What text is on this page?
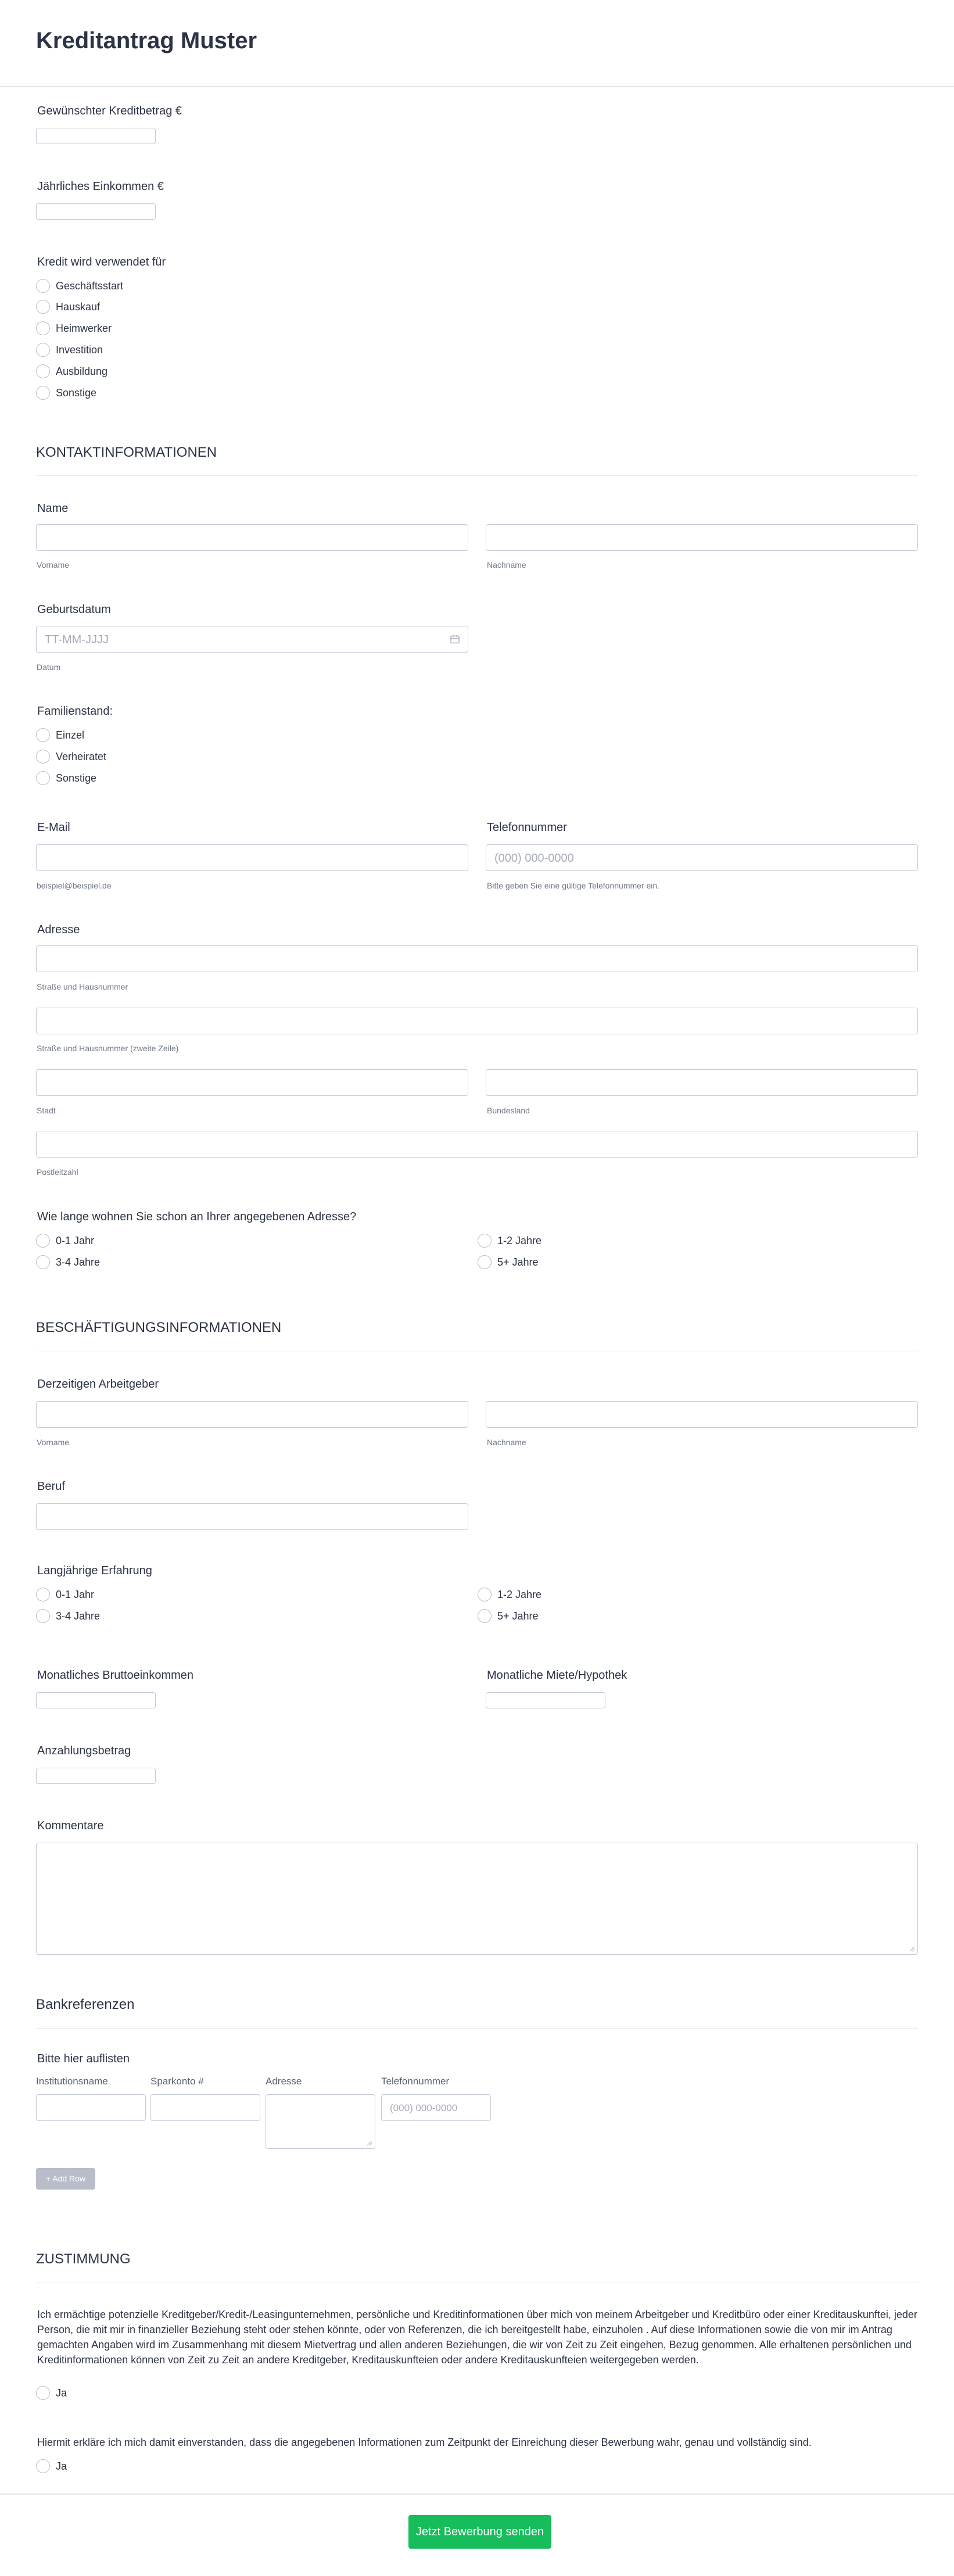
Kreditantrag Muster
Gewünschter Kreditbetrag €
Jährliches Einkommen €
Kredit wird verwendet für
Geschäftsstart
Hauskauf
Heimwerker
Investition
Ausbildung
Sonstige
KONTAKTINFORMATIONEN
Name
Vorname	Nachname
Geburtsdatum
TT-MM-JJJJ
Datum
Familienstand:
Einzel
Verheiratet
Sonstige
E-Mail
beispiel@beispiel.de
Telefonnummer
(000) 000-0000
Bitte geben Sie eine gültige Telefonnummer ein.
Adresse
Straße und Hausnummer
Straße und Hausnummer (zweite Zeile)
Stadt	Bundesland
Postleitzahl
Wie lange wohnen Sie schon an Ihrer angegebenen Adresse?
0-1 Jahr	1-2 Jahre
3-4 Jahre	5+ Jahre
BESCHÄFTIGUNGSINFORMATIONEN
Derzeitigen Arbeitgeber
Vorname	Nachname
Beruf
Langjährige Erfahrung
0-1 Jahr	1-2 Jahre
3-4 Jahre	5+ Jahre
Monatliches Bruttoeinkommen	Monatliche Miete/Hypothek
Anzahlungsbetrag
Kommentare
Bankreferenzen
Bitte hier auflisten
Institutionsname	Sparkonto #	Adresse	Telefonnummer
(000) 000-0000
+ Add Row
ZUSTIMMUNG
Ich ermächtige potenzielle Kreditgeber/Kredit-/Leasingunternehmen, persönliche und Kreditinformationen über mich von meinem Arbeitgeber und Kreditbüro oder einer Kreditauskunftei, jeder Person, die mit mir in finanzieller Beziehung steht oder stehen könnte, oder von Referenzen, die ich bereitgestellt habe, einzuholen . Auf diese Informationen sowie die von mir im Antrag gemachten Angaben wird im Zusammenhang mit diesem Mietvertrag und allen anderen Beziehungen, die wir von Zeit zu Zeit eingehen, Bezug genommen. Alle erhaltenen persönlichen und Kreditinformationen können von Zeit zu Zeit an andere Kreditgeber, Kreditauskunfteien oder andere Kreditauskunfteien weitergegeben werden.
Ja
Hiermit erkläre ich mich damit einverstanden, dass die angegebenen Informationen zum Zeitpunkt der Einreichung dieser Bewerbung wahr, genau und vollständig sind.
Ja
Jetzt Bewerbung senden
